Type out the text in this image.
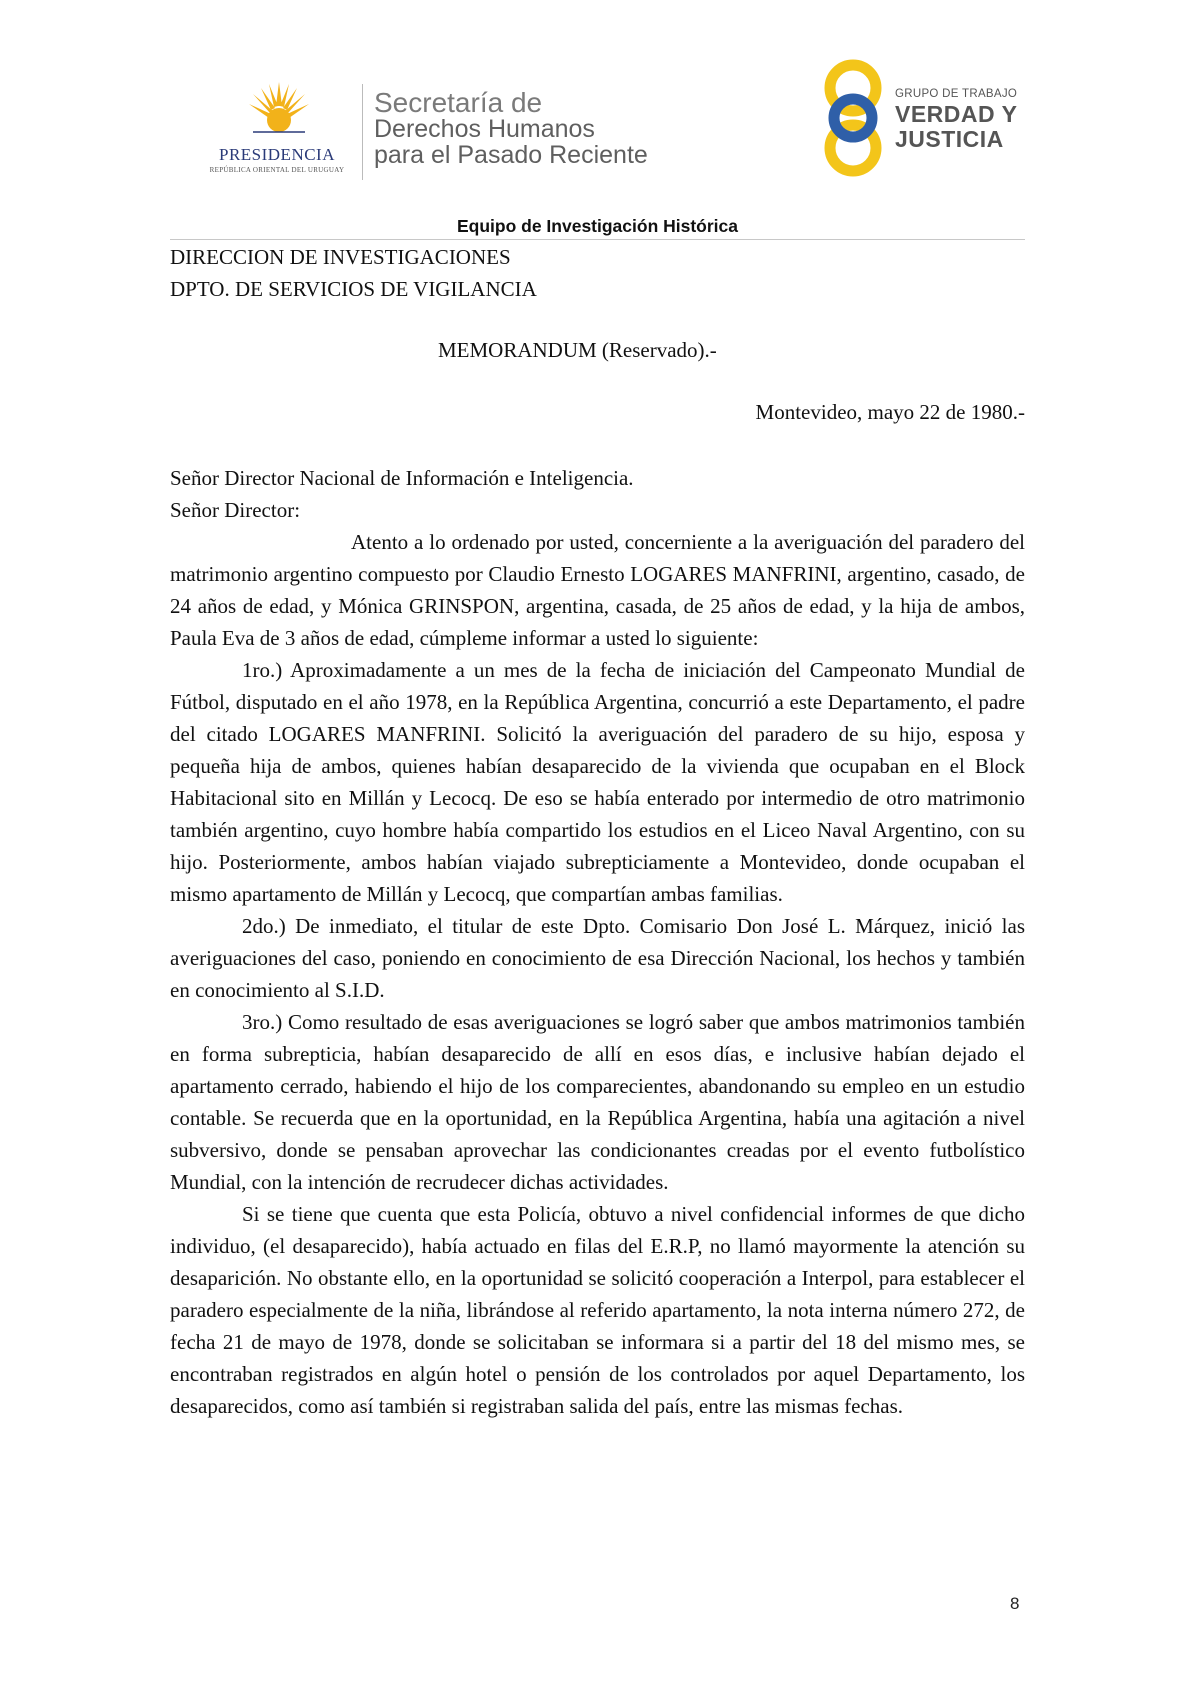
PRESIDENCIA
REPÚBLICA ORIENTAL DEL URUGUAY
Secretaría de
Derechos Humanos
para el Pasado Reciente
GRUPO DE TRABAJO
VERDAD Y
JUSTICIA
Equipo de Investigación Histórica
DIRECCION DE INVESTIGACIONES
DPTO. DE SERVICIOS DE VIGILANCIA
MEMORANDUM (Reservado).-
Montevideo, mayo 22 de 1980.-

Señor Director Nacional de Información e Inteligencia.

Señor Director:

Atento a lo ordenado por usted, concerniente a la averiguación del paradero del matrimonio argentino compuesto por Claudio Ernesto LOGARES MANFRINI, argentino, casado, de 24 años de edad, y Mónica GRINSPON, argentina, casada, de 25 años de edad, y la hija de ambos, Paula Eva de 3 años de edad, cúmpleme informar a usted lo siguiente:

1ro.) Aproximadamente a un mes de la fecha de iniciación del Campeonato Mundial de Fútbol, disputado en el año 1978, en la República Argentina, concurrió a este Departamento, el padre del citado LOGARES MANFRINI. Solicitó la averiguación del paradero de su hijo, esposa y pequeña hija de ambos, quienes habían desaparecido de la vivienda que ocupaban en el Block Habitacional sito en Millán y Lecocq. De eso se había enterado por intermedio de otro matrimonio también argentino, cuyo hombre había compartido los estudios en el Liceo Naval Argentino, con su hijo. Posteriormente, ambos habían viajado subrepticiamente a Montevideo, donde ocupaban el mismo apartamento de Millán y Lecocq, que compartían ambas familias.

2do.) De inmediato, el titular de este Dpto. Comisario Don José L. Márquez, inició las averiguaciones del caso, poniendo en conocimiento de esa Dirección Nacional, los hechos y también en conocimiento al S.I.D.

3ro.) Como resultado de esas averiguaciones se logró saber que ambos matrimonios también en forma subrepticia, habían desaparecido de allí en esos días, e inclusive habían dejado el apartamento cerrado, habiendo el hijo de los comparecientes, abandonando su empleo en un estudio contable. Se recuerda que en la oportunidad, en la República Argentina, había una agitación a nivel subversivo, donde se pensaban aprovechar las condicionantes creadas por el evento futbolístico Mundial, con la intención de recrudecer dichas actividades.

Si se tiene que cuenta que esta Policía, obtuvo a nivel confidencial informes de que dicho individuo, (el desaparecido), había actuado en filas del E.R.P, no llamó mayormente la atención su desaparición. No obstante ello, en la oportunidad se solicitó cooperación a Interpol, para establecer el paradero especialmente de la niña, librándose al referido apartamento, la nota interna número 272, de fecha 21 de mayo de 1978, donde se solicitaban se informara si a partir del 18 del mismo mes, se encontraban registrados en algún hotel o pensión de los controlados por aquel Departamento, los desaparecidos, como así también si registraban salida del país, entre las mismas fechas.

8
